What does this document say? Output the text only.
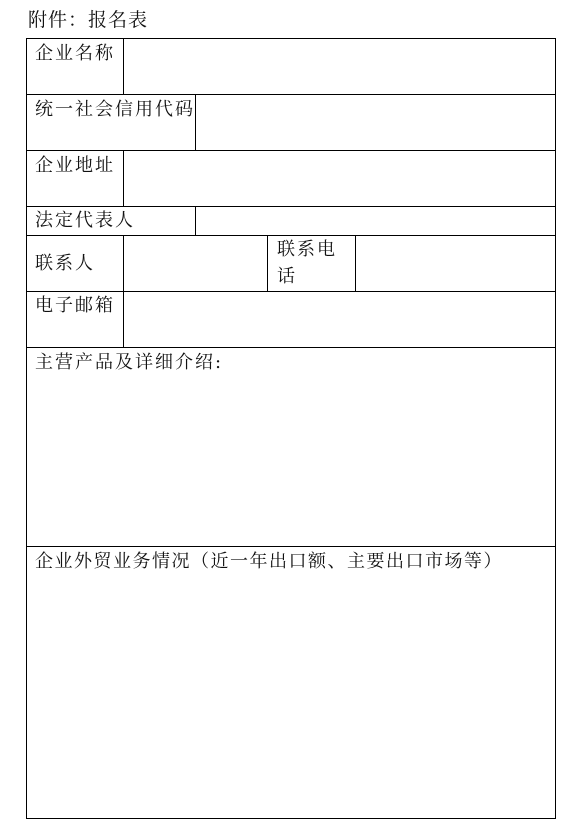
附件：报名表
企业名称
统一社会信用代码
企业地址
法定代表人
联系人
联系电话
电子邮箱
主营产品及详细介绍:
企业外贸业务情况（近一年出口额、主要出口市场等）
